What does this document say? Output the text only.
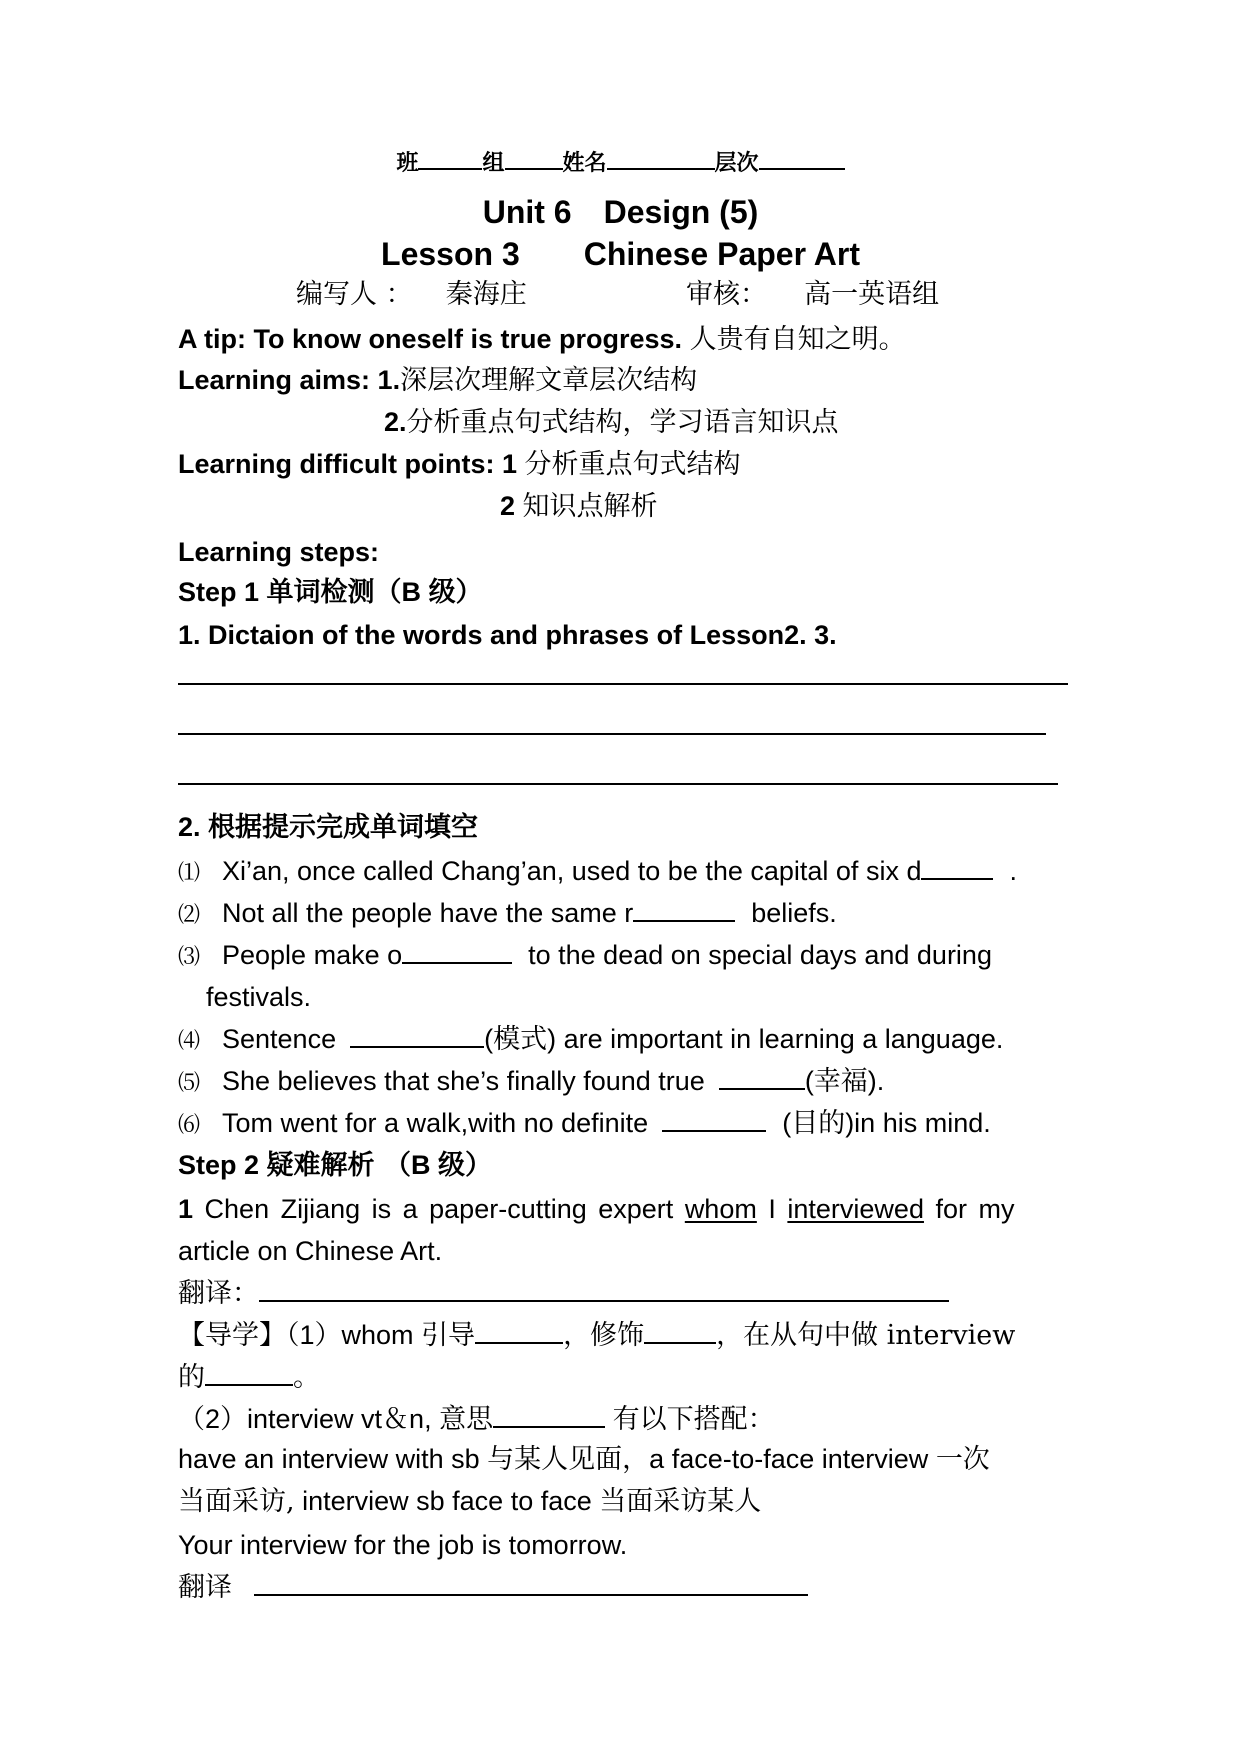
班	组	姓名	层次
Unit 6　Design (5)
Lesson 3 Chinese Paper Art
编写人 ： 秦海庄	审核： 高一英语组
A tip: To know oneself is true progress. 人贵有自知之明。
Learning aims: 1.深层次理解文章层次结构
2.分析重点句式结构，学习语言知识点
Learning difficult points: 1 分析重点句式结构
2 知识点解析
Learning steps:
Step 1 单词检测（B 级）
1. Dictaion of the words and phrases of Lesson2. 3.
2. 根据提示完成单词填空
⑴ Xi’an, once called Chang’an, used to be the capital of six d	.
⑵ Not all the people have the same r	beliefs.
⑶ People make o	to the dead on special days and during
festivals.
⑷ Sentence	(模式) are important in learning a language.
⑸ She believes that she’s finally found true	(幸福).
⑹ Tom went for a walk,with no definite	(目的)in his mind.
Step 2 疑难解析 （B 级）
1 Chen Zijiang is a paper-cutting expert whom I interviewed for my
article on Chinese Art.
翻译：
【导学】（1）whom 引导	，修饰	，在从句中做 interview
的	。
（2）interview vt＆n, 意思	有以下搭配：
have an interview with sb 与某人见面，a face-to-face interview 一次
当面采访, interview sb face to face 当面采访某人
Your interview for the job is tomorrow.
翻译
